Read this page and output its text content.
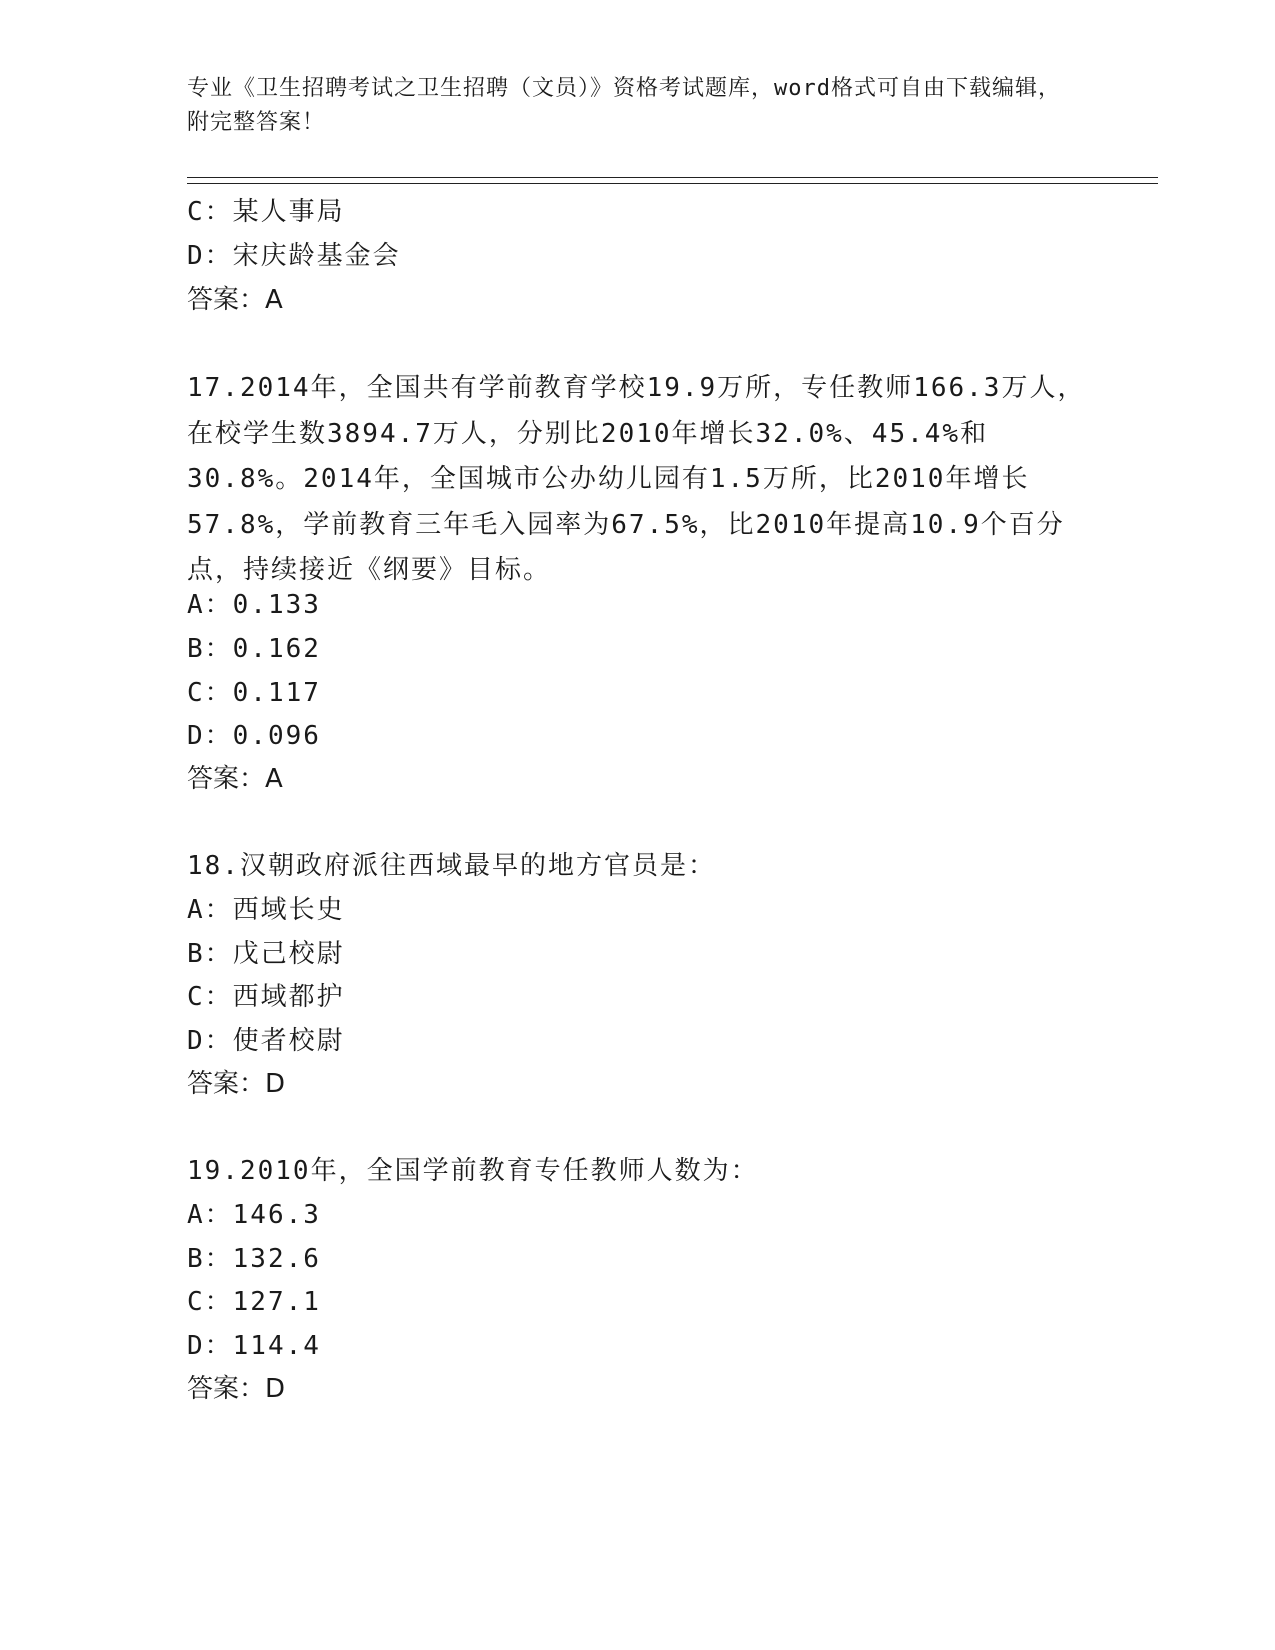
专业《卫生招聘考试之卫生招聘（文员）》资格考试题库，word格式可自由下载编辑，附完整答案！
C：某人事局
D：宋庆龄基金会
答案：A
17.2014年，全国共有学前教育学校19.9万所，专任教师166.3万人，在校学生数3894.7万人，分别比2010年增长32.0%、45.4%和30.8%。2014年，全国城市公办幼儿园有1.5万所，比2010年增长57.8%，学前教育三年毛入园率为67.5%，比2010年提高10.9个百分点，持续接近《纲要》目标。
A：0.133
B：0.162
C：0.117
D：0.096
答案：A
18.汉朝政府派往西域最早的地方官员是：
A：西域长史
B：戊己校尉
C：西域都护
D：使者校尉
答案：D
19.2010年，全国学前教育专任教师人数为：
A：146.3
B：132.6
C：127.1
D：114.4
答案：D
